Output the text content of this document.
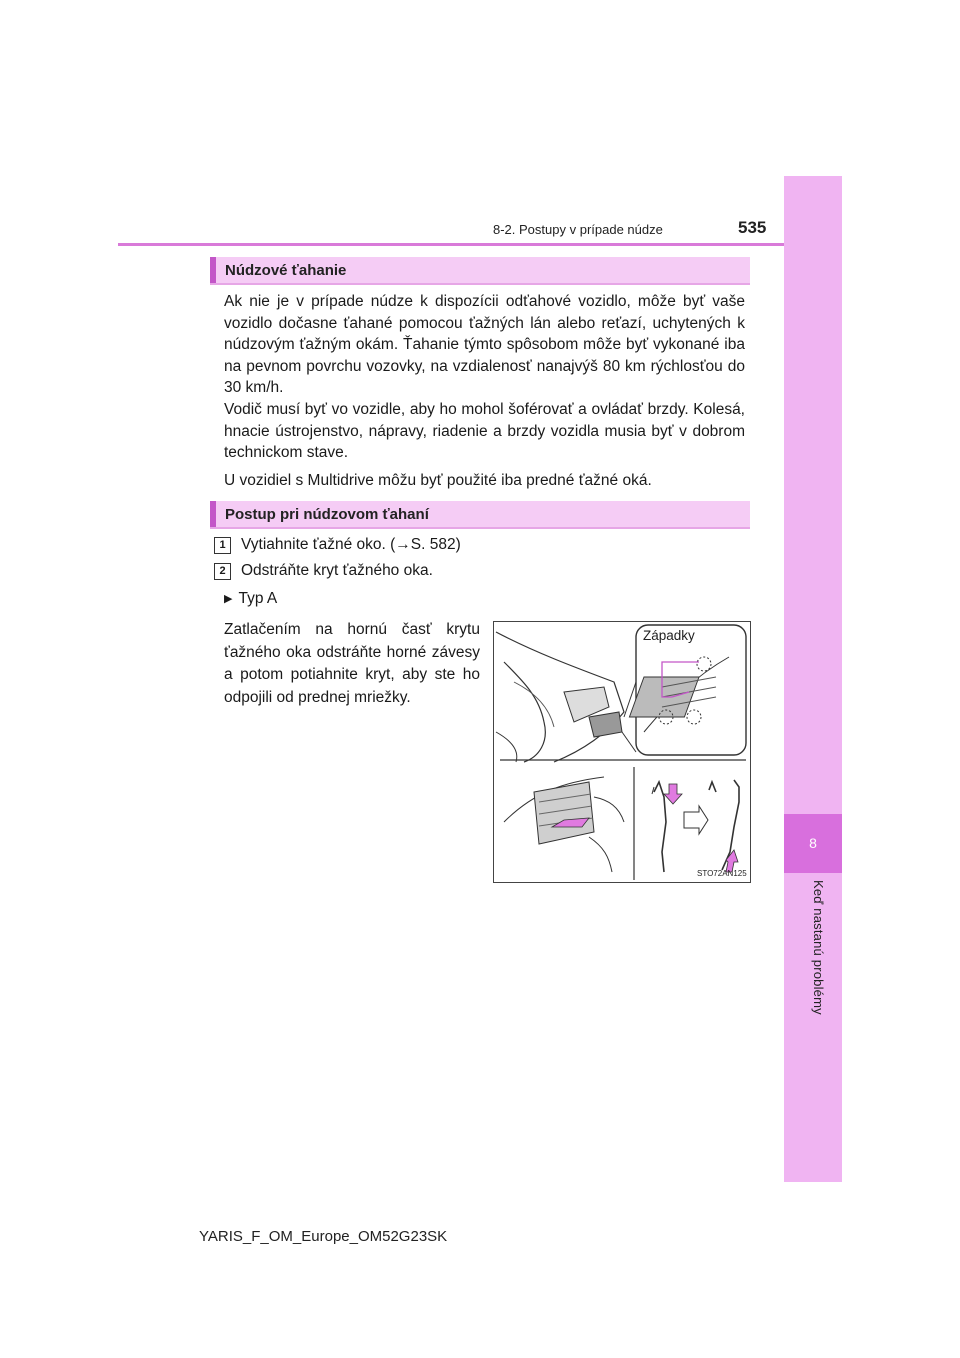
8
Keď nastanú problémy
8-2. Postupy v prípade núdze	535
Núdzové ťahanie

Ak nie je v prípade núdze k dispozícii odťahové vozidlo, môže byť vaše vozidlo dočasne ťahané pomocou ťažných lán alebo reťazí, uchytených k núdzovým ťažným okám. Ťahanie týmto spôsobom môže byť vykonané iba na pevnom povrchu vozovky, na vzdialenosť nanajvýš 80 km rýchlosťou do 30 km/h.

Vodič musí byť vo vozidle, aby ho mohol šoférovať a ovládať brzdy. Kolesá, hnacie ústrojenstvo, nápravy, riadenie a brzdy vozidla musia byť v dobrom technickom stave.

U vozidiel s Multidrive môžu byť použité iba predné ťažné oká.

Postup pri núdzovom ťahaní
1 Vytiahnite ťažné oko. (→S. 582)
2 Odstráňte kryt ťažného oka.
▶ Typ A
Zatlačením na hornú časť krytu ťažného oka odstráňte horné závesy a potom potiahnite kryt, aby ste ho odpojili od prednej mriežky.
Západky
STO72AN125
YARIS_F_OM_Europe_OM52G23SK
